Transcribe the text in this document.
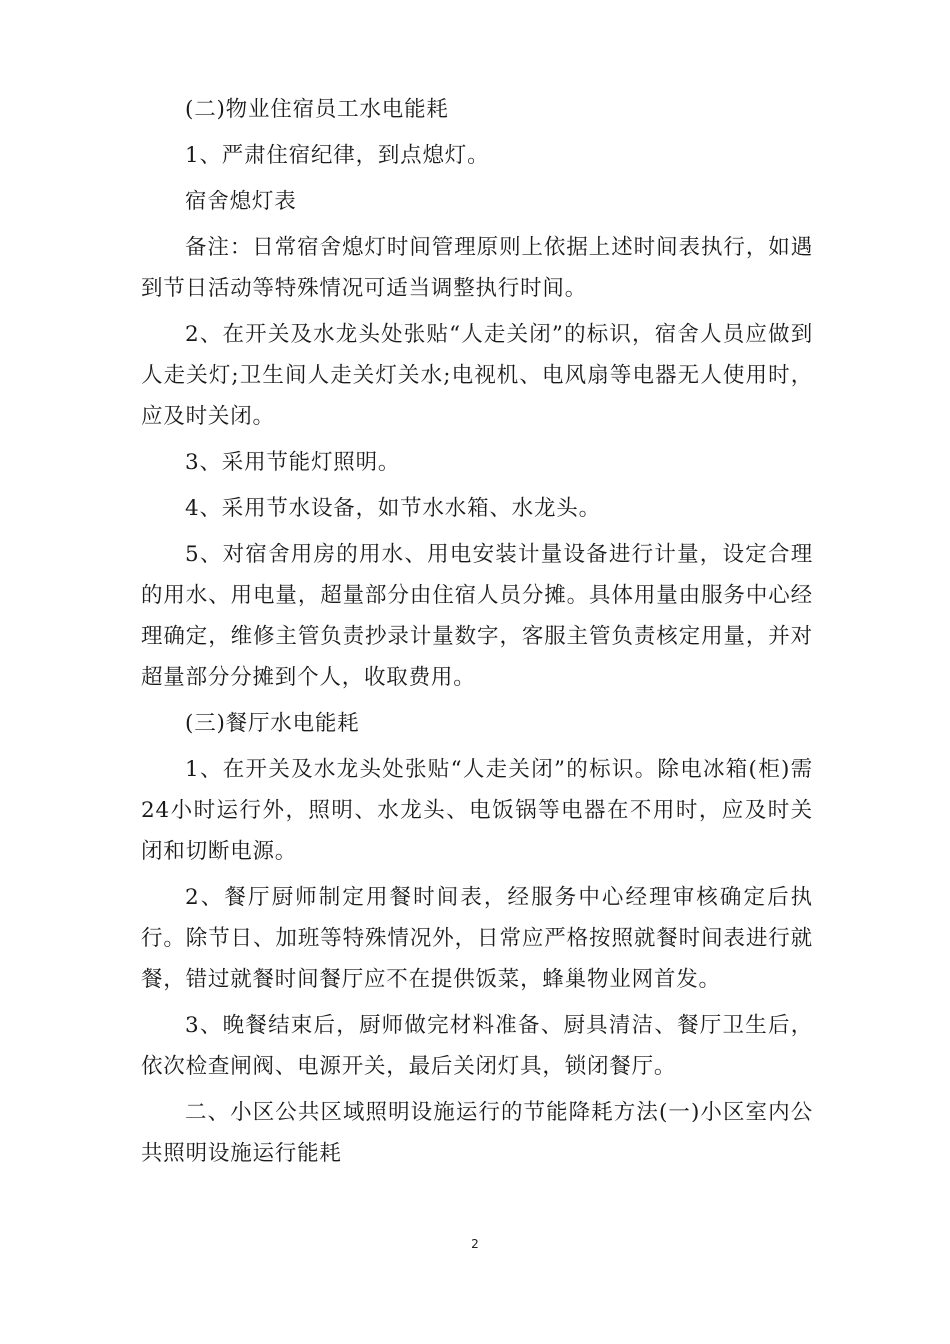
(二)物业住宿员工水电能耗

1、严肃住宿纪律，到点熄灯。

宿舍熄灯表

备注：日常宿舍熄灯时间管理原则上依据上述时间表执行，如遇到节日活动等特殊情况可适当调整执行时间。

2、在开关及水龙头处张贴“人走关闭”的标识，宿舍人员应做到人走关灯;卫生间人走关灯关水;电视机、电风扇等电器无人使用时，应及时关闭。

3、采用节能灯照明。

4、采用节水设备，如节水水箱、水龙头。

5、对宿舍用房的用水、用电安装计量设备进行计量，设定合理的用水、用电量，超量部分由住宿人员分摊。具体用量由服务中心经理确定，维修主管负责抄录计量数字，客服主管负责核定用量，并对超量部分分摊到个人，收取费用。

(三)餐厅水电能耗

1、在开关及水龙头处张贴“人走关闭”的标识。除电冰箱(柜)需24小时运行外，照明、水龙头、电饭锅等电器在不用时，应及时关闭和切断电源。

2、餐厅厨师制定用餐时间表，经服务中心经理审核确定后执行。除节日、加班等特殊情况外，日常应严格按照就餐时间表进行就餐，错过就餐时间餐厅应不在提供饭菜，蜂巢物业网首发。

3、晚餐结束后，厨师做完材料准备、厨具清洁、餐厅卫生后，依次检查闸阀、电源开关，最后关闭灯具，锁闭餐厅。

二、小区公共区域照明设施运行的节能降耗方法(一)小区室内公共照明设施运行能耗

2
